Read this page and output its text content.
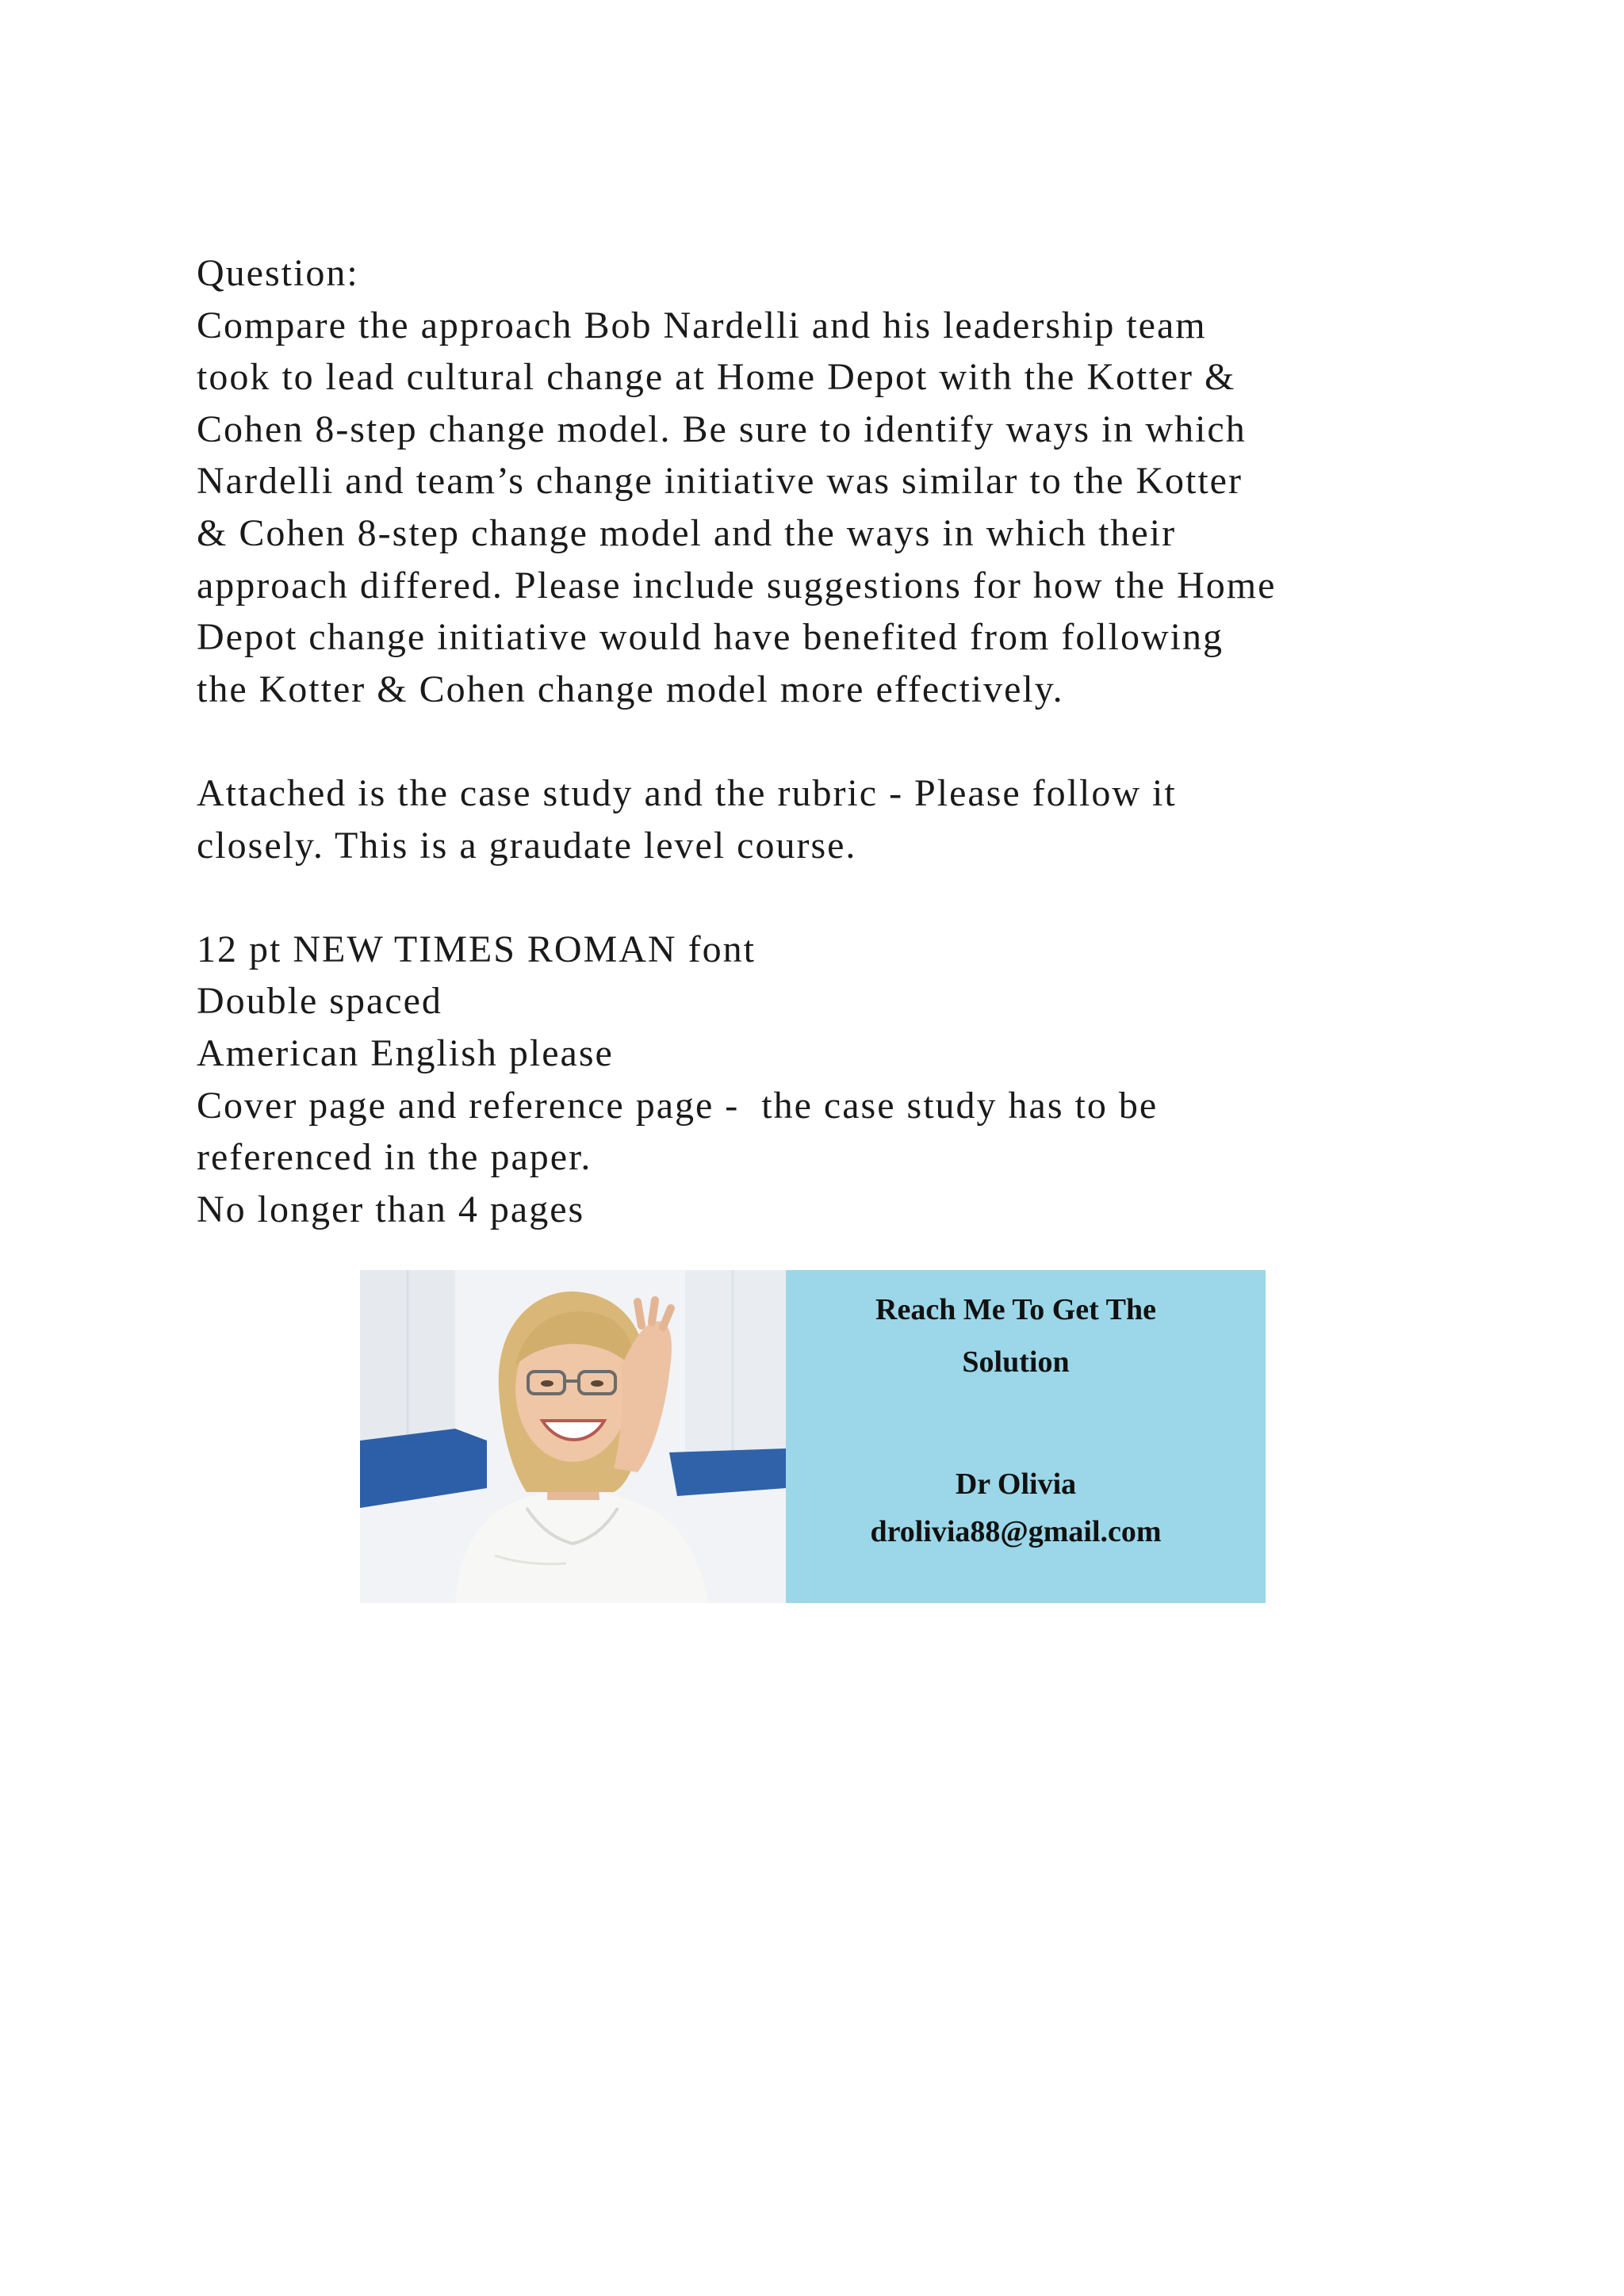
Question:
Compare the approach Bob Nardelli and his leadership team
took to lead cultural change at Home Depot with the Kotter &
Cohen 8-step change model. Be sure to identify ways in which
Nardelli and team’s change initiative was similar to the Kotter
& Cohen 8-step change model and the ways in which their
approach differed. Please include suggestions for how the Home
Depot change initiative would have benefited from following
the Kotter & Cohen change model more effectively.
Attached is the case study and the rubric - Please follow it
closely. This is a graudate level course.
12 pt NEW TIMES ROMAN font
Double spaced
American English please
Cover page and reference page -  the case study has to be
referenced in the paper.
No longer than 4 pages
Reach Me To Get The
Solution
Dr Olivia
drolivia88@gmail.com
